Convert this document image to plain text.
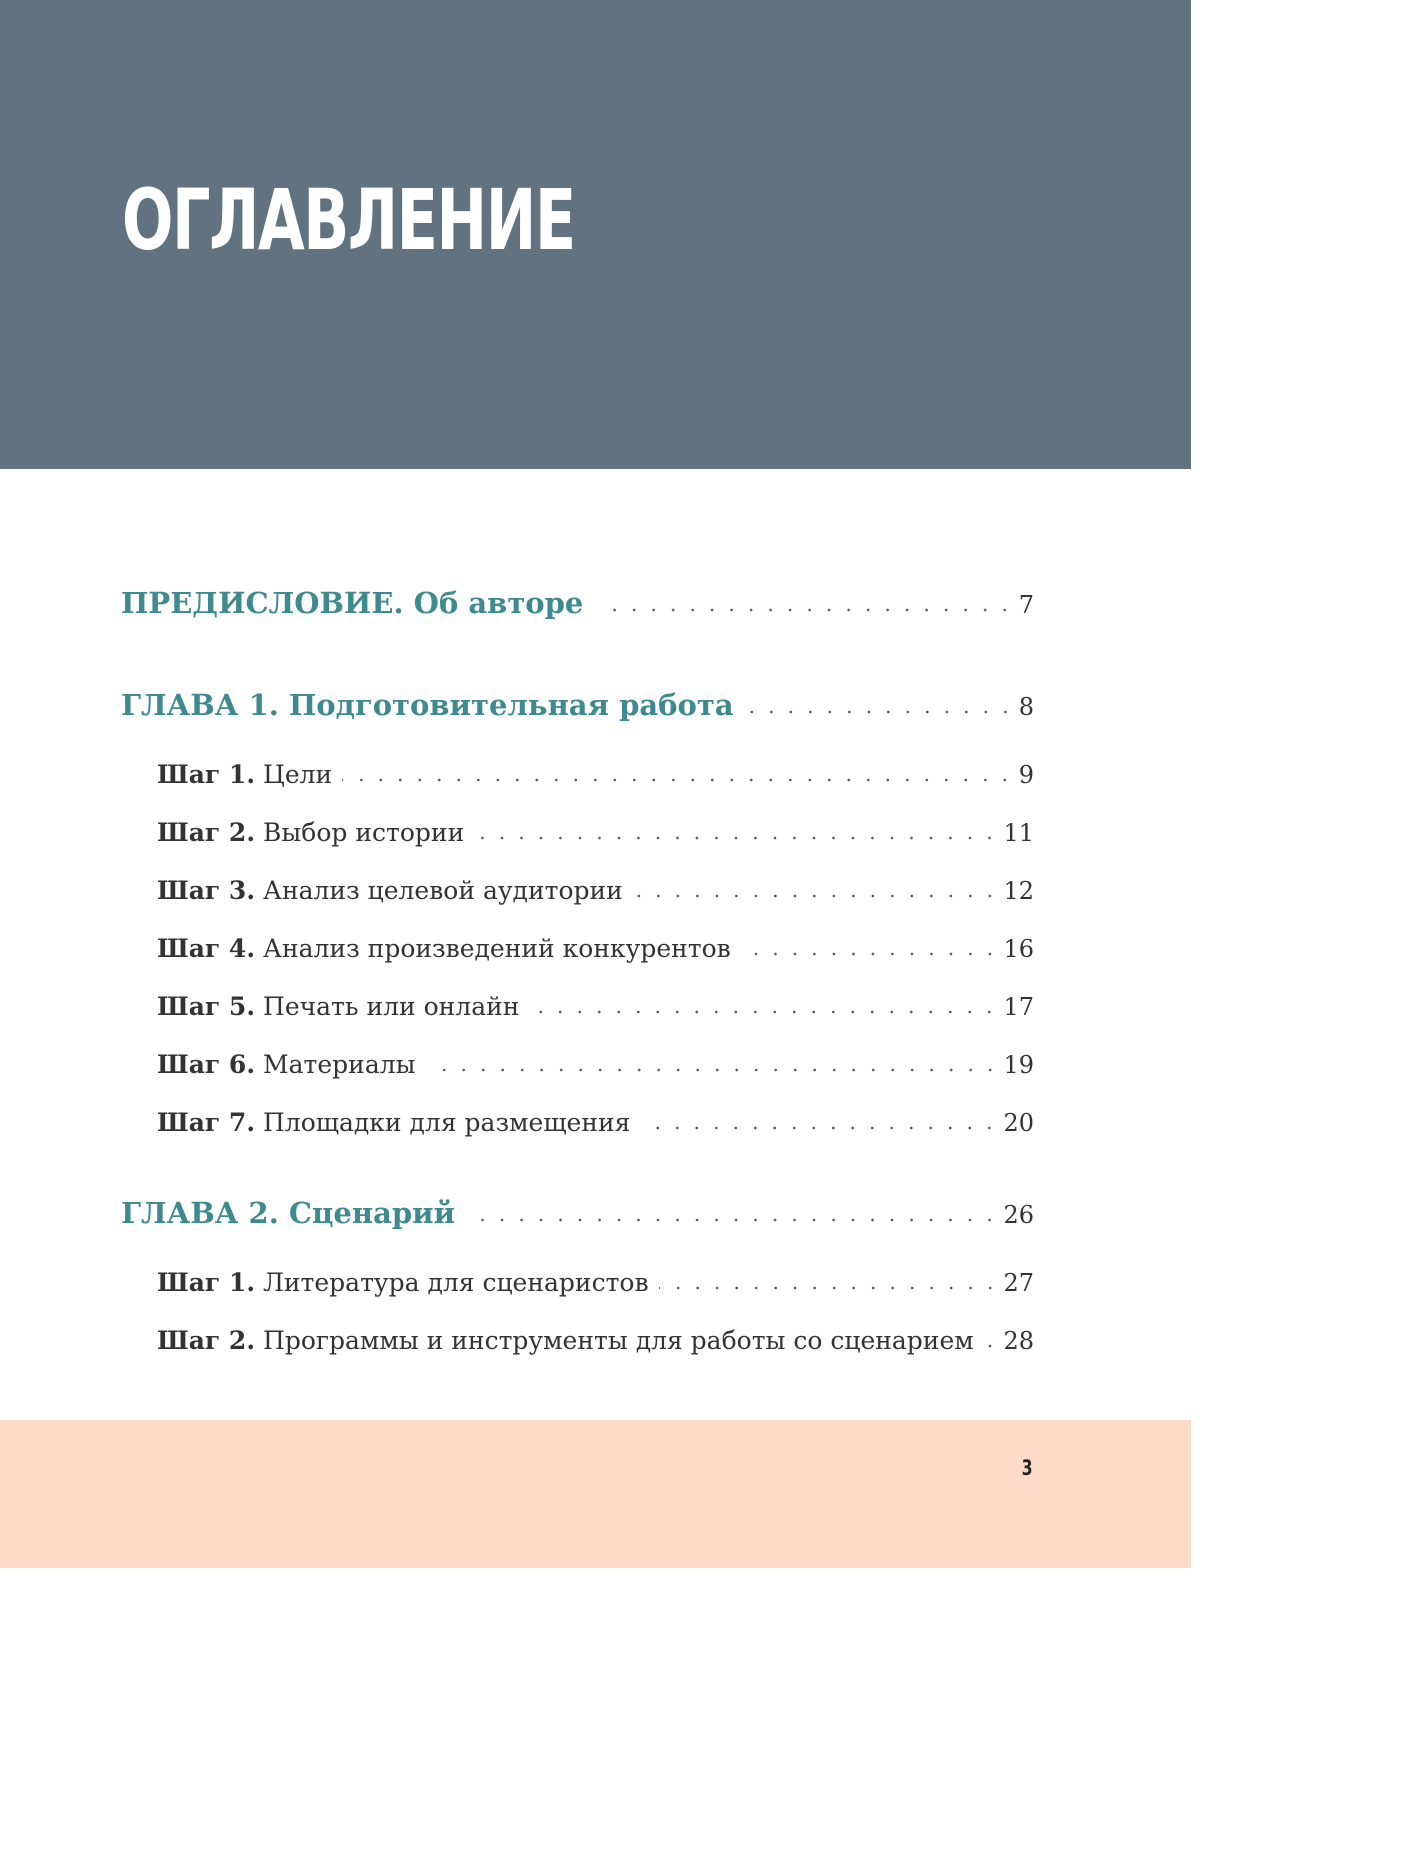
ОГЛАВЛЕНИЕ
ПРЕДИСЛОВИЕ. Об авторе	7
ГЛАВА 1. Подготовительная работа	8
Шаг 1. Цели	9
Шаг 2. Выбор истории	11
Шаг 3. Анализ целевой аудитории	12
Шаг 4. Анализ произведений конкурентов	16
Шаг 5. Печать или онлайн	17
Шаг 6. Материалы	19
Шаг 7. Площадки для размещения	20
ГЛАВА 2. Сценарий	26
Шаг 1. Литература для сценаристов	27
Шаг 2. Программы и инструменты для работы со сценарием 28
3
